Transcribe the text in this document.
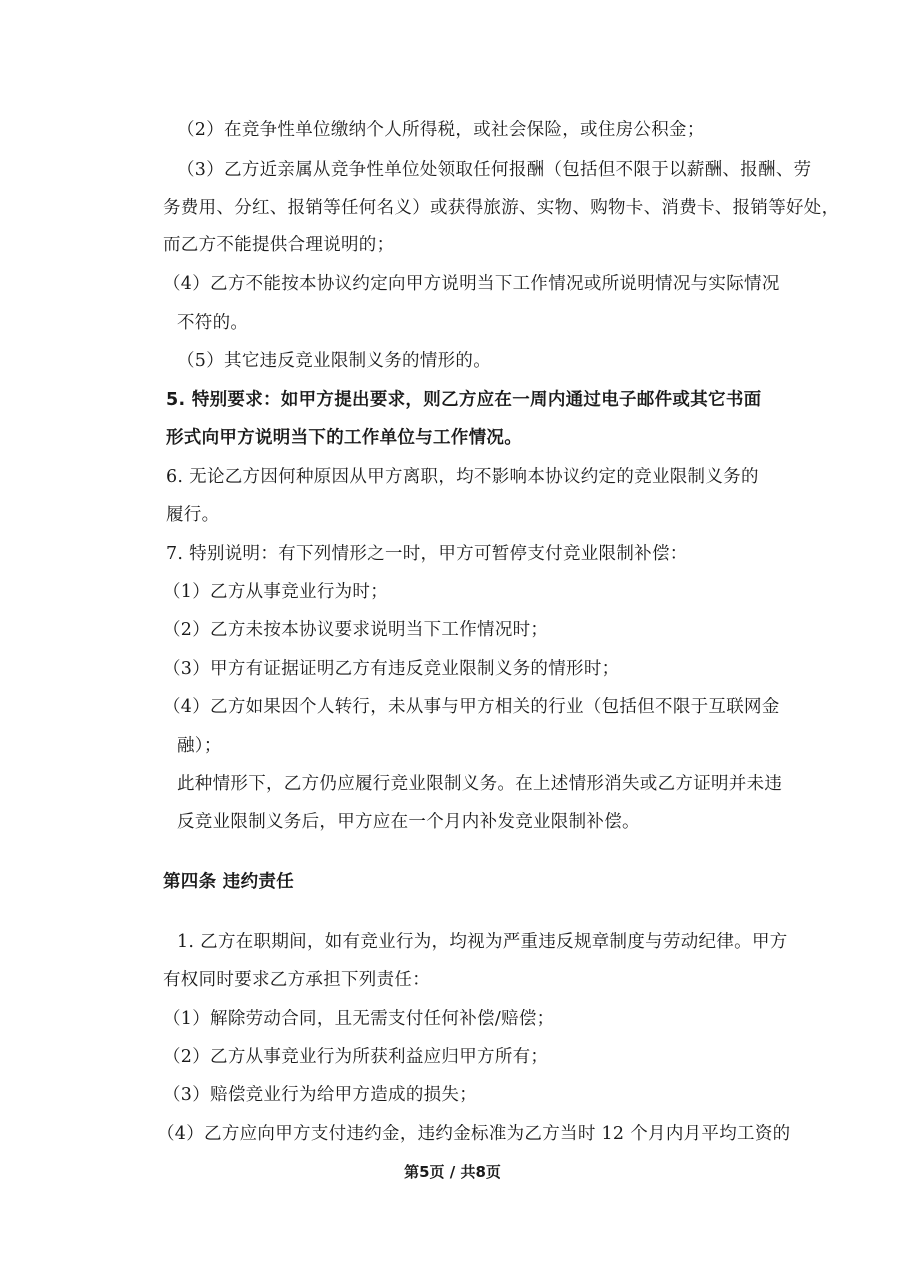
（2）在竞争性单位缴纳个人所得税，或社会保险，或住房公积金；
（3）乙方近亲属从竞争性单位处领取任何报酬（包括但不限于以薪酬、报酬、劳
务费用、分红、报销等任何名义）或获得旅游、实物、购物卡、消费卡、报销等好处，
而乙方不能提供合理说明的；
（4）乙方不能按本协议约定向甲方说明当下工作情况或所说明情况与实际情况
不符的。
（5）其它违反竞业限制义务的情形的。
5. 特别要求：如甲方提出要求，则乙方应在一周内通过电子邮件或其它书面
形式向甲方说明当下的工作单位与工作情况。
6. 无论乙方因何种原因从甲方离职，均不影响本协议约定的竞业限制义务的
履行。
7. 特别说明：有下列情形之一时，甲方可暂停支付竞业限制补偿：
（1）乙方从事竞业行为时；
（2）乙方未按本协议要求说明当下工作情况时；
（3）甲方有证据证明乙方有违反竞业限制义务的情形时；
（4）乙方如果因个人转行，未从事与甲方相关的行业（包括但不限于互联网金
融）；
此种情形下，乙方仍应履行竞业限制义务。在上述情形消失或乙方证明并未违
反竞业限制义务后，甲方应在一个月内补发竞业限制补偿。
第四条 违约责任
1. 乙方在职期间，如有竞业行为，均视为严重违反规章制度与劳动纪律。甲方
有权同时要求乙方承担下列责任：
（1）解除劳动合同，且无需支付任何补偿/赔偿；
（2）乙方从事竞业行为所获利益应归甲方所有；
（3）赔偿竞业行为给甲方造成的损失；
（4）乙方应向甲方支付违约金，违约金标准为乙方当时 12 个月内月平均工资的
第5页 / 共8页
